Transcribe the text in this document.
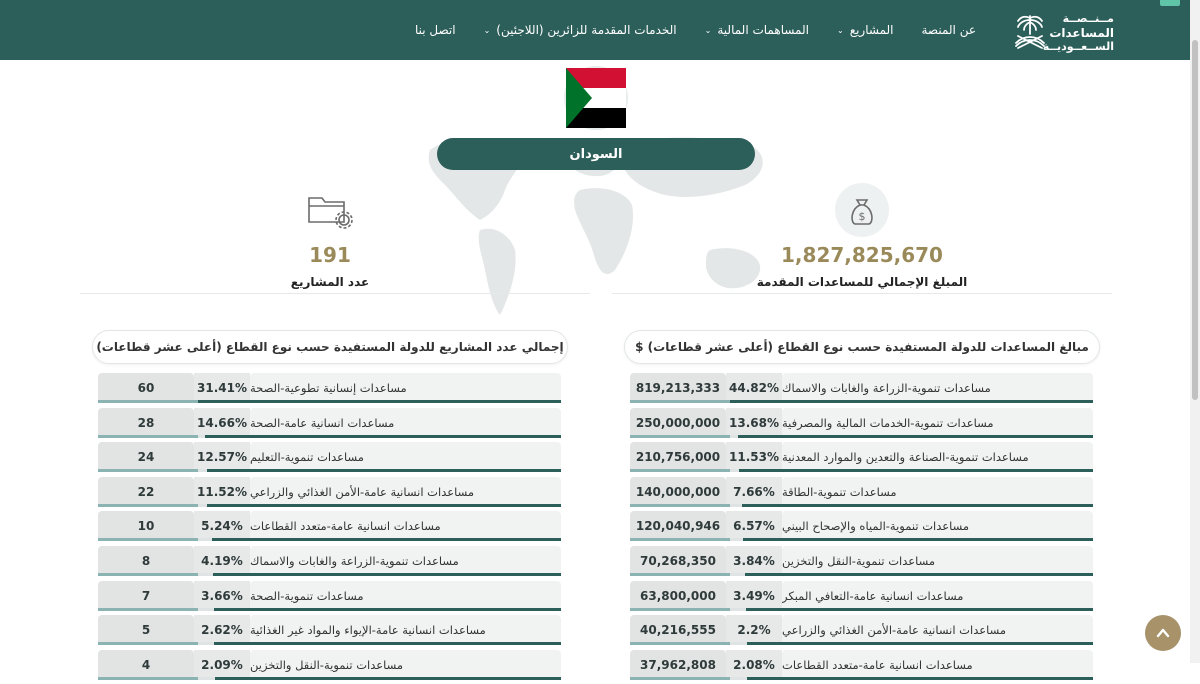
مــنــصــة
المساعدات
الســعــوديــة
عن المنصة
المشاريع
⌄
المساهمات المالية
⌄
الخدمات المقدمة للزائرين (اللاجئين)
⌄
اتصل بنا
السودان
$
1,827,825,670
المبلغ الإجمالي للمساعدات المقدمة
191
عدد المشاريع
مبالغ المساعدات للدولة المستفيدة حسب نوع القطاع (أعلى عشر قطاعات) $
إجمالي عدد المشاريع للدولة المستفيدة حسب نوع القطاع (أعلى عشر قطاعات)
مساعدات تنموية-الزراعة والغابات والاسماك
44.82%
819,213,333
مساعدات تنموية-الخدمات المالية والمصرفية
13.68%
250,000,000
مساعدات تنموية-الصناعة والتعدين والموارد المعدنية
11.53%
210,756,000
مساعدات تنموية-الطاقة
7.66%
140,000,000
مساعدات تنموية-المياه والإصحاح البيني
6.57%
120,040,946
مساعدات تنموية-النقل والتخزين
3.84%
70,268,350
مساعدات انسانية عامة-التعافي المبكر
3.49%
63,800,000
مساعدات انسانية عامة-الأمن الغذائي والزراعي
2.2%
40,216,555
مساعدات انسانية عامة-متعدد القطاعات
2.08%
37,962,808
مساعدات إنسانية تطوعية-الصحة
31.41%
60
مساعدات انسانية عامة-الصحة
14.66%
28
مساعدات تنموية-التعليم
12.57%
24
مساعدات انسانية عامة-الأمن الغذائي والزراعي
11.52%
22
مساعدات انسانية عامة-متعدد القطاعات
5.24%
10
مساعدات تنموية-الزراعة والغابات والاسماك
4.19%
8
مساعدات تنموية-الصحة
3.66%
7
مساعدات انسانية عامة-الإيواء والمواد غير الغذائية
2.62%
5
مساعدات تنموية-النقل والتخزين
2.09%
4
